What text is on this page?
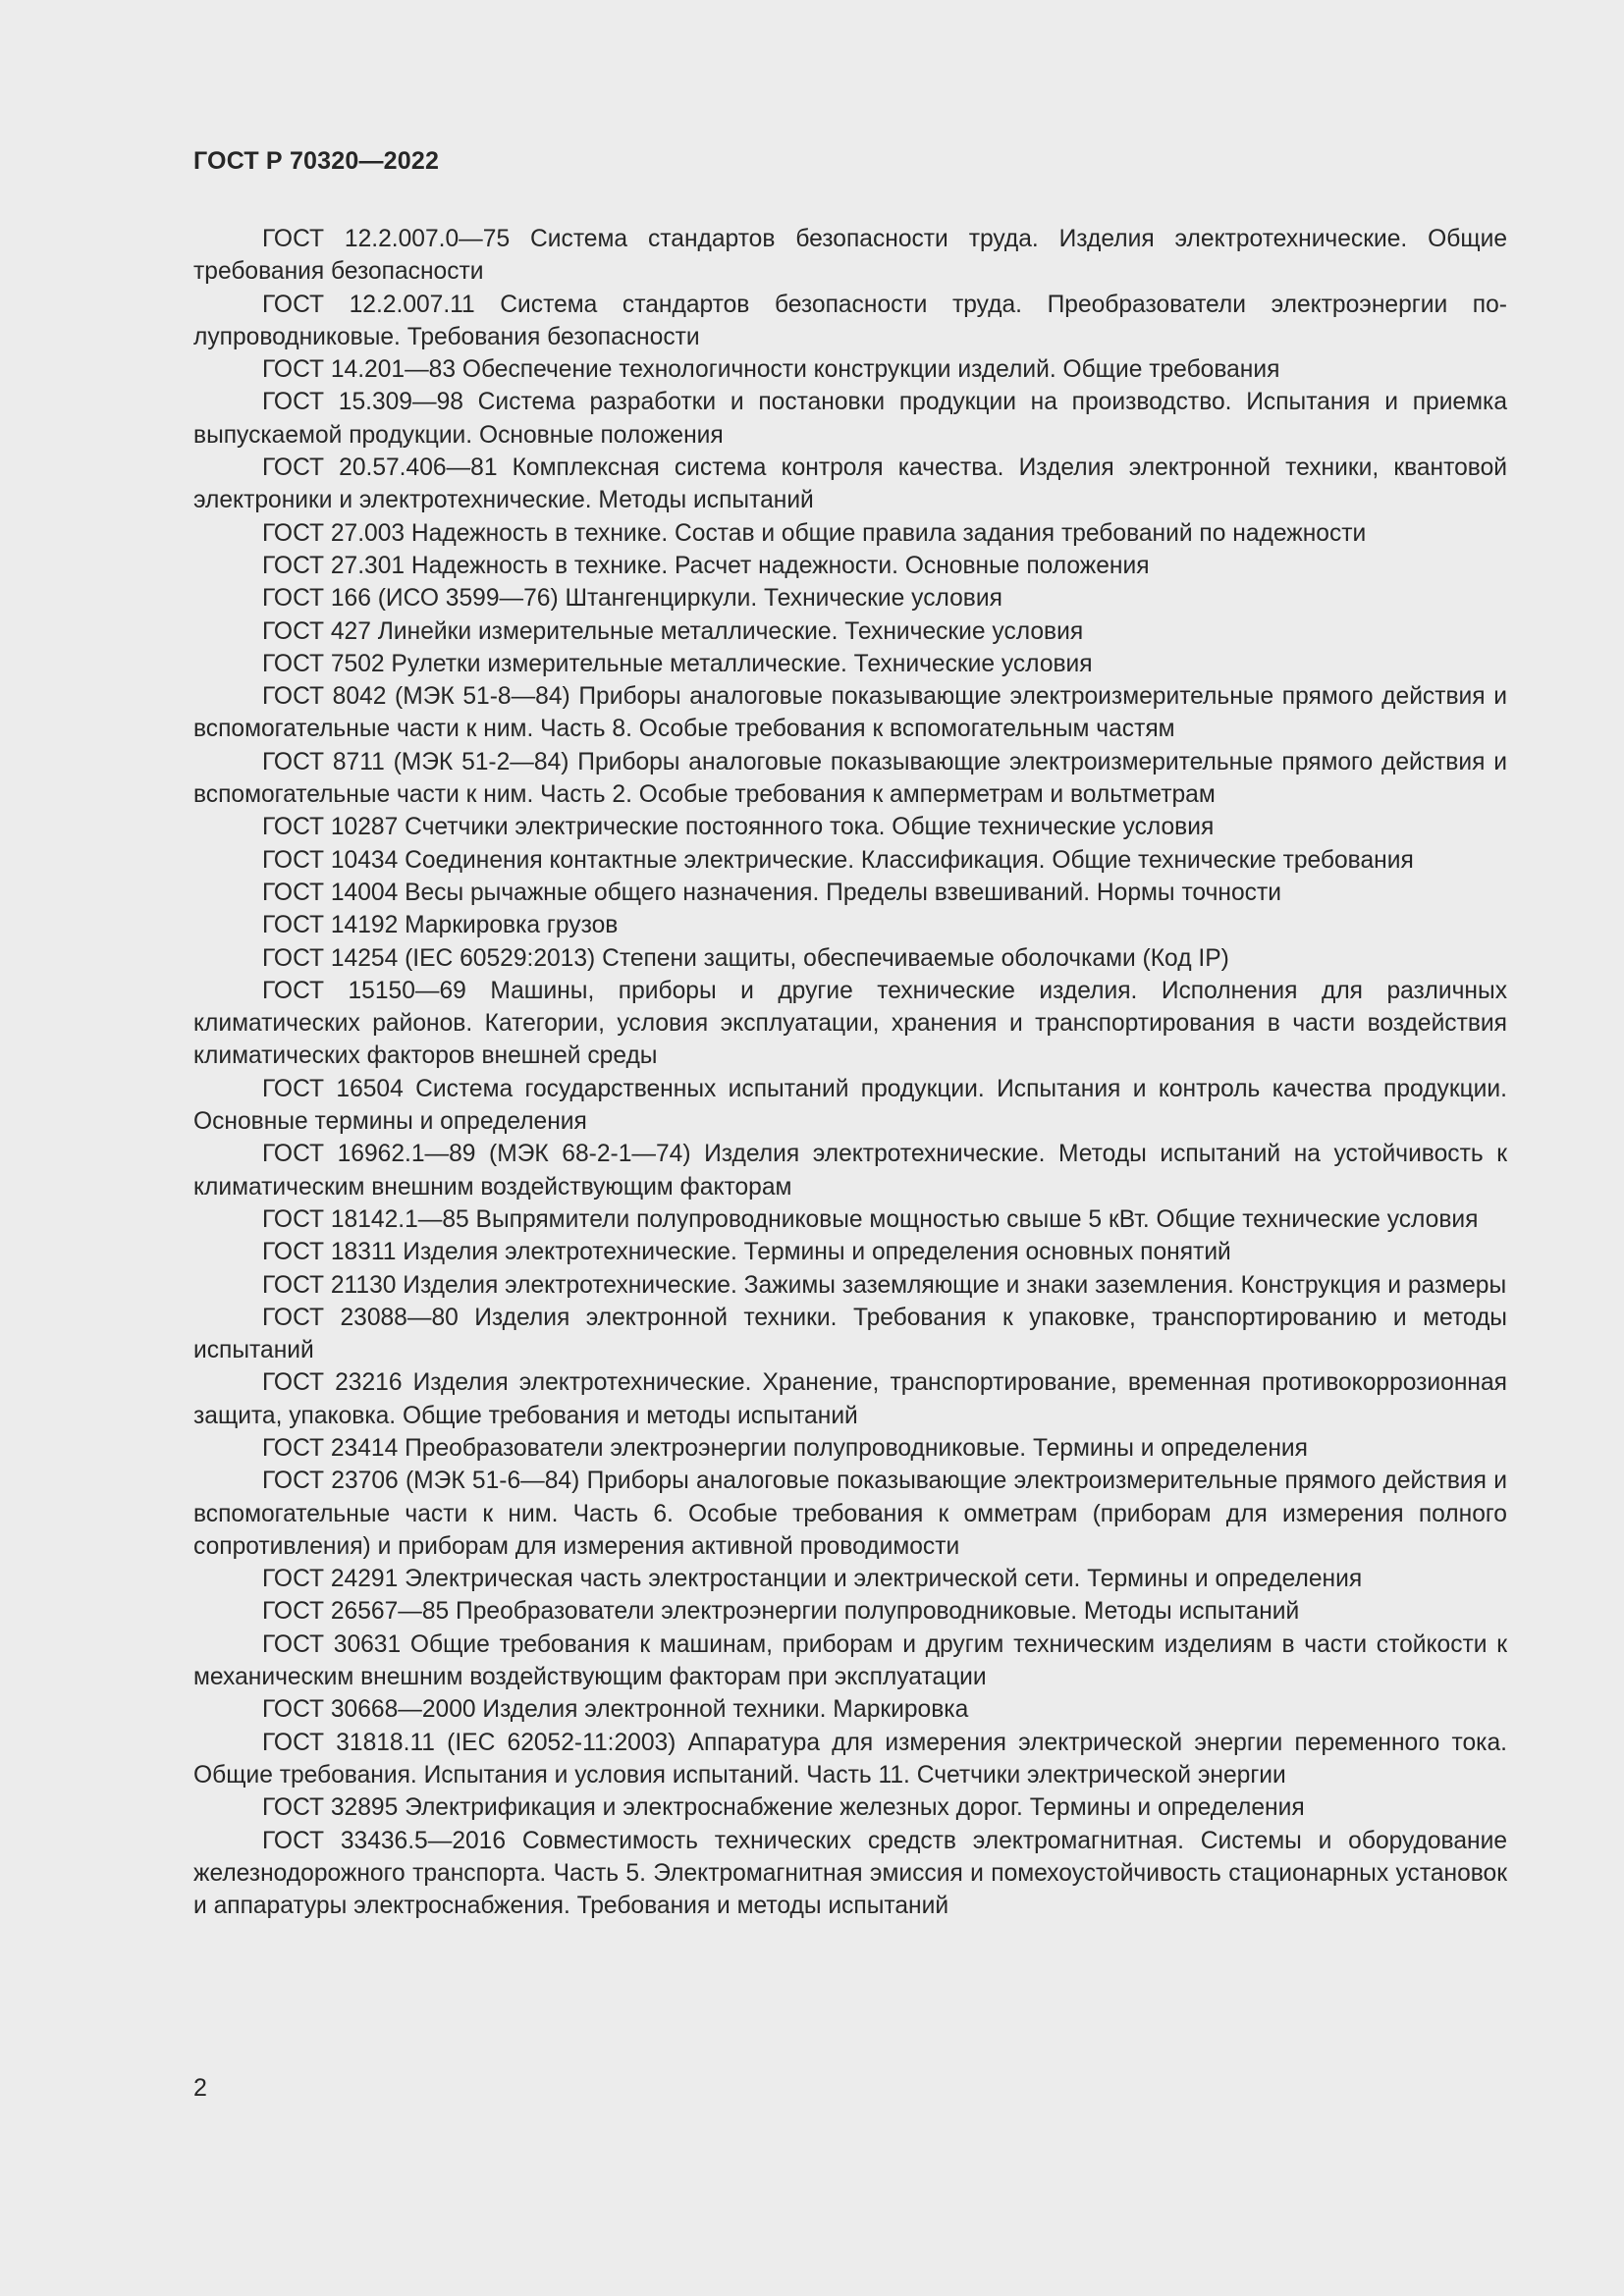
ГОСТ Р 70320—2022

ГОСТ 12.2.007.0—75 Система стандартов безопасности труда. Изделия электротехнические. Общие требования безопасности

ГОСТ 12.2.007.11 Система стандартов безопасности труда. Преобразователи электроэнергии полупроводниковые. Требования безопасности

ГОСТ 14.201—83 Обеспечение технологичности конструкции изделий. Общие требования

ГОСТ 15.309—98 Система разработки и постановки продукции на производство. Испытания и приемка выпускаемой продукции. Основные положения

ГОСТ 20.57.406—81 Комплексная система контроля качества. Изделия электронной техники, квантовой электроники и электротехнические. Методы испытаний

ГОСТ 27.003 Надежность в технике. Состав и общие правила задания требований по надежности

ГОСТ 27.301 Надежность в технике. Расчет надежности. Основные положения

ГОСТ 166 (ИСО 3599—76) Штангенциркули. Технические условия

ГОСТ 427 Линейки измерительные металлические. Технические условия

ГОСТ 7502 Рулетки измерительные металлические. Технические условия

ГОСТ 8042 (МЭК 51-8—84) Приборы аналоговые показывающие электроизмерительные прямого действия и вспомогательные части к ним. Часть 8. Особые требования к вспомогательным частям

ГОСТ 8711 (МЭК 51-2—84) Приборы аналоговые показывающие электроизмерительные прямого действия и вспомогательные части к ним. Часть 2. Особые требования к амперметрам и вольтметрам

ГОСТ 10287 Счетчики электрические постоянного тока. Общие технические условия

ГОСТ 10434 Соединения контактные электрические. Классификация. Общие технические требования

ГОСТ 14004 Весы рычажные общего назначения. Пределы взвешиваний. Нормы точности

ГОСТ 14192 Маркировка грузов

ГОСТ 14254 (IEC 60529:2013) Степени защиты, обеспечиваемые оболочками (Код IP)

ГОСТ 15150—69 Машины, приборы и другие технические изделия. Исполнения для различных климатических районов. Категории, условия эксплуатации, хранения и транспортирования в части воздействия климатических факторов внешней среды

ГОСТ 16504 Система государственных испытаний продукции. Испытания и контроль качества продукции. Основные термины и определения

ГОСТ 16962.1—89 (МЭК 68-2-1—74) Изделия электротехнические. Методы испытаний на устойчивость к климатическим внешним воздействующим факторам

ГОСТ 18142.1—85 Выпрямители полупроводниковые мощностью свыше 5 кВт. Общие технические условия

ГОСТ 18311 Изделия электротехнические. Термины и определения основных понятий

ГОСТ 21130 Изделия электротехнические. Зажимы заземляющие и знаки заземления. Конструкция и размеры

ГОСТ 23088—80 Изделия электронной техники. Требования к упаковке, транспортированию и методы испытаний

ГОСТ 23216 Изделия электротехнические. Хранение, транспортирование, временная противокоррозионная защита, упаковка. Общие требования и методы испытаний

ГОСТ 23414 Преобразователи электроэнергии полупроводниковые. Термины и определения

ГОСТ 23706 (МЭК 51-6—84) Приборы аналоговые показывающие электроизмерительные прямого действия и вспомогательные части к ним. Часть 6. Особые требования к омметрам (приборам для измерения полного сопротивления) и приборам для измерения активной проводимости

ГОСТ 24291 Электрическая часть электростанции и электрической сети. Термины и определения

ГОСТ 26567—85 Преобразователи электроэнергии полупроводниковые. Методы испытаний

ГОСТ 30631 Общие требования к машинам, приборам и другим техническим изделиям в части стойкости к механическим внешним воздействующим факторам при эксплуатации

ГОСТ 30668—2000 Изделия электронной техники. Маркировка

ГОСТ 31818.11 (IEC 62052-11:2003) Аппаратура для измерения электрической энергии переменного тока. Общие требования. Испытания и условия испытаний. Часть 11. Счетчики электрической энергии

ГОСТ 32895 Электрификация и электроснабжение железных дорог. Термины и определения

ГОСТ 33436.5—2016 Совместимость технических средств электромагнитная. Системы и оборудование железнодорожного транспорта. Часть 5. Электромагнитная эмиссия и помехоустойчивость стационарных установок и аппаратуры электроснабжения. Требования и методы испытаний

2
